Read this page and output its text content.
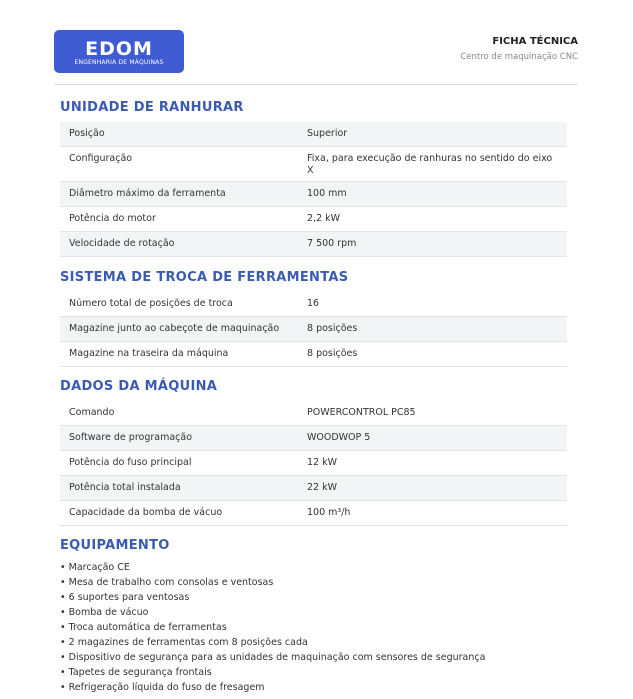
EDOM
ENGENHARIA DE MÁQUINAS
FICHA TÉCNICA
Centro de maquinação CNC
UNIDADE DE RANHURAR
Posição	Superior
Configuração	Fixa, para execução de ranhuras no sentido do eixo X
Diâmetro máximo da ferramenta	100 mm
Potência do motor	2,2 kW
Velocidade de rotação	7 500 rpm
SISTEMA DE TROCA DE FERRAMENTAS
Número total de posições de troca	16
Magazine junto ao cabeçote de maquinação	8 posições
Magazine na traseira da máquina	8 posições
DADOS DA MÁQUINA
Comando	POWERCONTROL PC85
Software de programação	WOODWOP 5
Potência do fuso principal	12 kW
Potência total instalada	22 kW
Capacidade da bomba de vácuo	100 m³/h
EQUIPAMENTO
• Marcação CE
• Mesa de trabalho com consolas e ventosas
• 6 suportes para ventosas
• Bomba de vácuo
• Troca automática de ferramentas
• 2 magazines de ferramentas com 8 posições cada
• Dispositivo de segurança para as unidades de maquinação com sensores de segurança
• Tapetes de segurança frontais
• Refrigeração líquida do fuso de fresagem
